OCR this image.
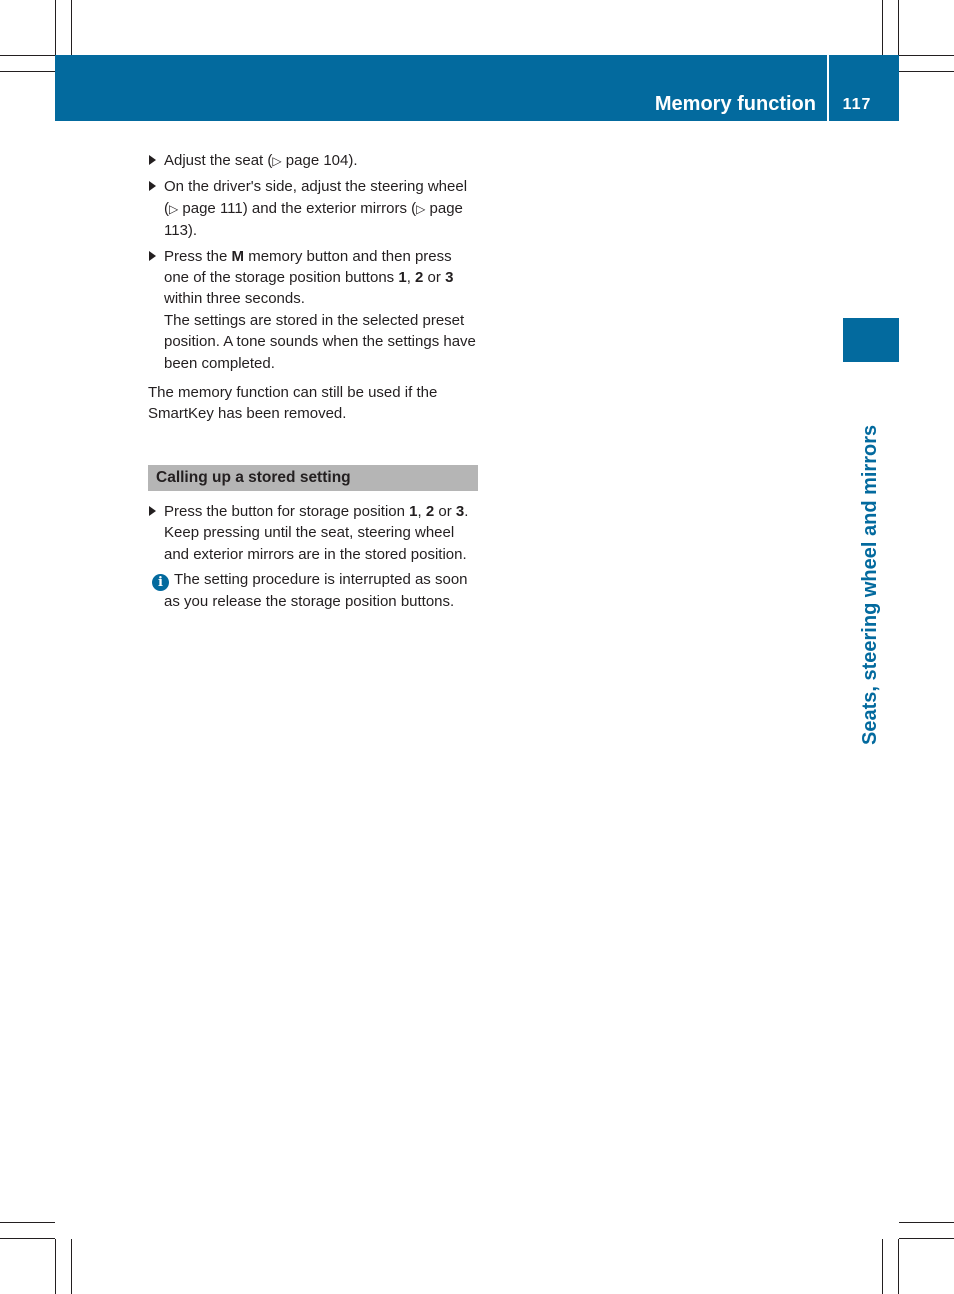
Memory function	117
Seats, steering wheel and mirrors
Adjust the seat (▷ page 104).
On the driver's side, adjust the steering wheel (▷ page 111) and the exterior mirrors (▷ page 113).
Press the M memory button and then press one of the storage position buttons 1, 2 or 3 within three seconds.
The settings are stored in the selected preset position. A tone sounds when the settings have been completed.

The memory function can still be used if the SmartKey has been removed.

Calling up a stored setting
Press the button for storage position 1, 2 or 3. Keep pressing until the seat, steering wheel and exterior mirrors are in the stored position.
i The setting procedure is interrupted as soon as you release the storage position buttons.
